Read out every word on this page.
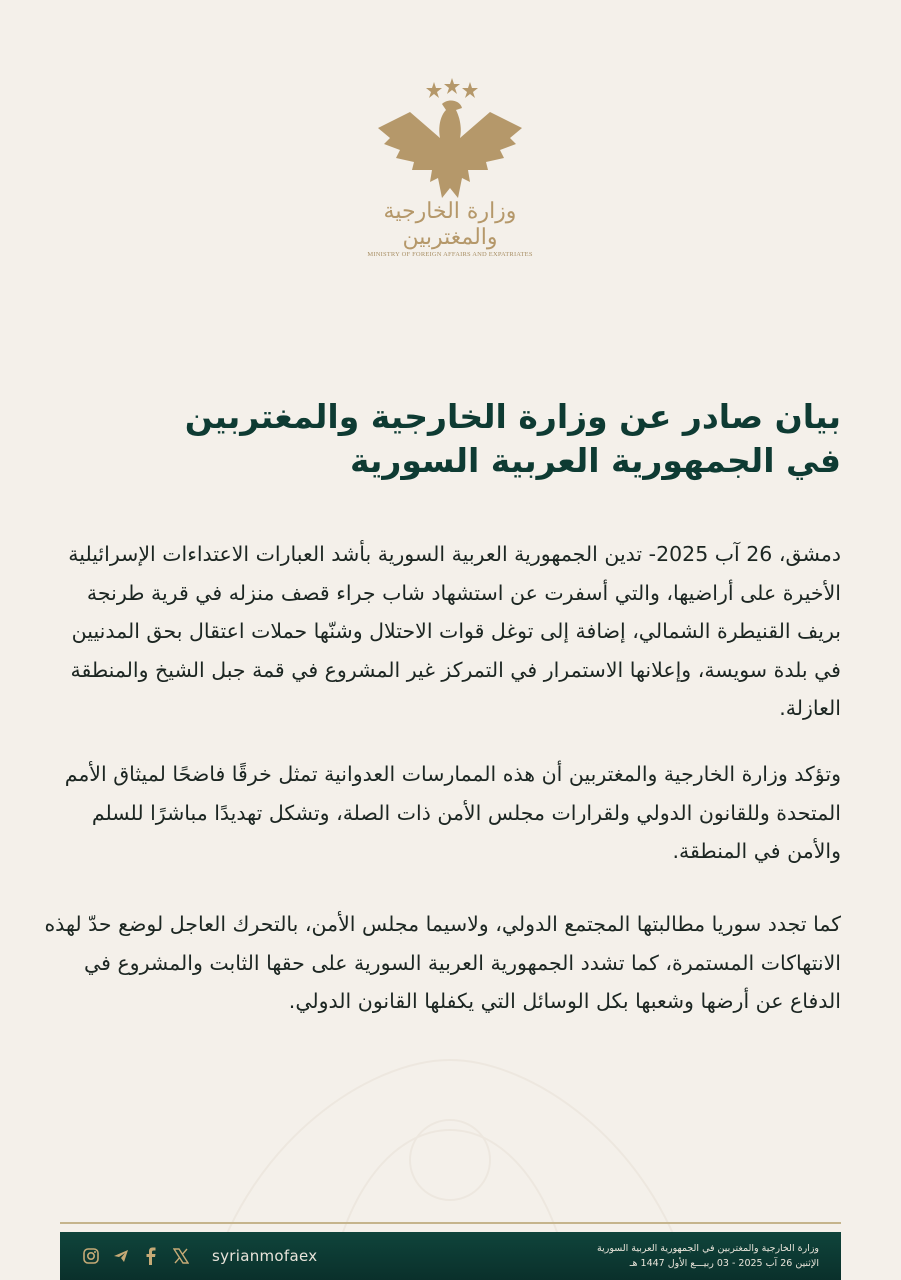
وزارة الخارجية والمغتربين
MINISTRY OF FOREIGN AFFAIRS AND EXPATRIATES
بيان صادر عن وزارة الخارجية والمغتربين
في الجمهورية العربية السورية
دمشق، 26 آب 2025- تدين الجمهورية العربية السورية بأشد العبارات الاعتداءات الإسرائيلية الأخيرة على أراضيها، والتي أسفرت عن استشهاد شاب جراء قصف منزله في قرية طرنجة بريف القنيطرة الشمالي، إضافة إلى توغل قوات الاحتلال وشنّها حملات اعتقال بحق المدنيين في بلدة سويسة، وإعلانها الاستمرار في التمركز غير المشروع في قمة جبل الشيخ والمنطقة العازلة.
وتؤكد وزارة الخارجية والمغتربين أن هذه الممارسات العدوانية تمثل خرقًا فاضحًا لميثاق الأمم المتحدة وللقانون الدولي ولقرارات مجلس الأمن ذات الصلة، وتشكل تهديدًا مباشرًا للسلم والأمن في المنطقة.
كما تجدد سوريا مطالبتها المجتمع الدولي، ولاسيما مجلس الأمن، بالتحرك العاجل لوضع حدّ لهذه الانتهاكات المستمرة، كما تشدد الجمهورية العربية السورية على حقها الثابت والمشروع في الدفاع عن أرضها وشعبها بكل الوسائل التي يكفلها القانون الدولي.
syrianmofaex	وزارة الخارجية والمغتربين في الجمهورية العربية السورية
الإثنين 26 آب 2025 - 03 ربيـــع الأول 1447 هـ
